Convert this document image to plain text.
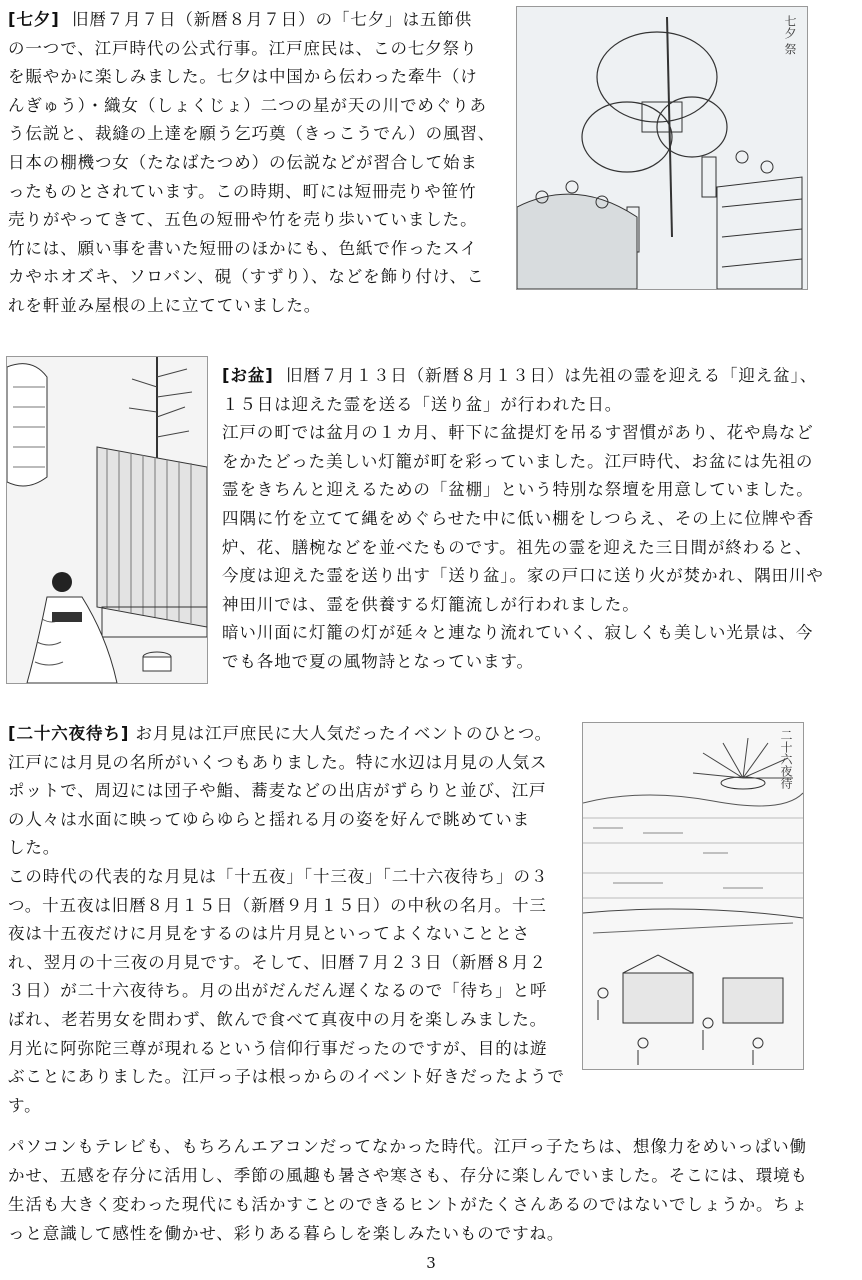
[七夕] 旧暦７月７日（新暦８月７日）の「七夕」は五節供

の一つで、江戸時代の公式行事。江戸庶民は、この七夕祭り

を賑やかに楽しみました。七夕は中国から伝わった牽牛（け

んぎゅう）・織女（しょくじょ）二つの星が天の川でめぐりあ

う伝説と、裁縫の上達を願う乞巧奠（きっこうでん）の風習、

日本の棚機つ女（たなばたつめ）の伝説などが習合して始ま

ったものとされています。この時期、町には短冊売りや笹竹

売りがやってきて、五色の短冊や竹を売り歩いていました。

竹には、願い事を書いた短冊のほかにも、色紙で作ったスイ

カやホオズキ、ソロバン、硯（すずり）、などを飾り付け、こ

れを軒並み屋根の上に立てていました。

七夕 祭

[お盆] 旧暦７月１３日（新暦８月１３日）は先祖の霊を迎える「迎え盆」、

１５日は迎えた霊を送る「送り盆」が行われた日。

江戸の町では盆月の１カ月、軒下に盆提灯を吊るす習慣があり、花や鳥など

をかたどった美しい灯籠が町を彩っていました。江戸時代、お盆には先祖の

霊をきちんと迎えるための「盆棚」という特別な祭壇を用意していました。

四隅に竹を立てて縄をめぐらせた中に低い棚をしつらえ、その上に位牌や香

炉、花、膳椀などを並べたものです。祖先の霊を迎えた三日間が終わると、

今度は迎えた霊を送り出す「送り盆」。家の戸口に送り火が焚かれ、隅田川や

神田川では、霊を供養する灯籠流しが行われました。

暗い川面に灯籠の灯が延々と連なり流れていく、寂しくも美しい光景は、今

でも各地で夏の風物詩となっています。

[二十六夜待ち] お月見は江戸庶民に大人気だったイベントのひとつ。

江戸には月見の名所がいくつもありました。特に水辺は月見の人気ス

ポットで、周辺には団子や鮨、蕎麦などの出店がずらりと並び、江戸

の人々は水面に映ってゆらゆらと揺れる月の姿を好んで眺めていま

した。

この時代の代表的な月見は「十五夜」「十三夜」「二十六夜待ち」の３

つ。十五夜は旧暦８月１５日（新暦９月１５日）の中秋の名月。十三

夜は十五夜だけに月見をするのは片月見といってよくないこととさ

れ、翌月の十三夜の月見です。そして、旧暦７月２３日（新暦８月２

３日）が二十六夜待ち。月の出がだんだん遅くなるので「待ち」と呼

ばれ、老若男女を問わず、飲んで食べて真夜中の月を楽しみました。

月光に阿弥陀三尊が現れるという信仰行事だったのですが、目的は遊

ぶことにありました。江戸っ子は根っからのイベント好きだったようです。

二十六夜待

パソコンもテレビも、もちろんエアコンだってなかった時代。江戸っ子たちは、想像力をめいっぱい働

かせ、五感を存分に活用し、季節の風趣も暑さや寒さも、存分に楽しんでいました。そこには、環境も

生活も大きく変わった現代にも活かすことのできるヒントがたくさんあるのではないでしょうか。ちょ

っと意識して感性を働かせ、彩りある暮らしを楽しみたいものですね。

3
